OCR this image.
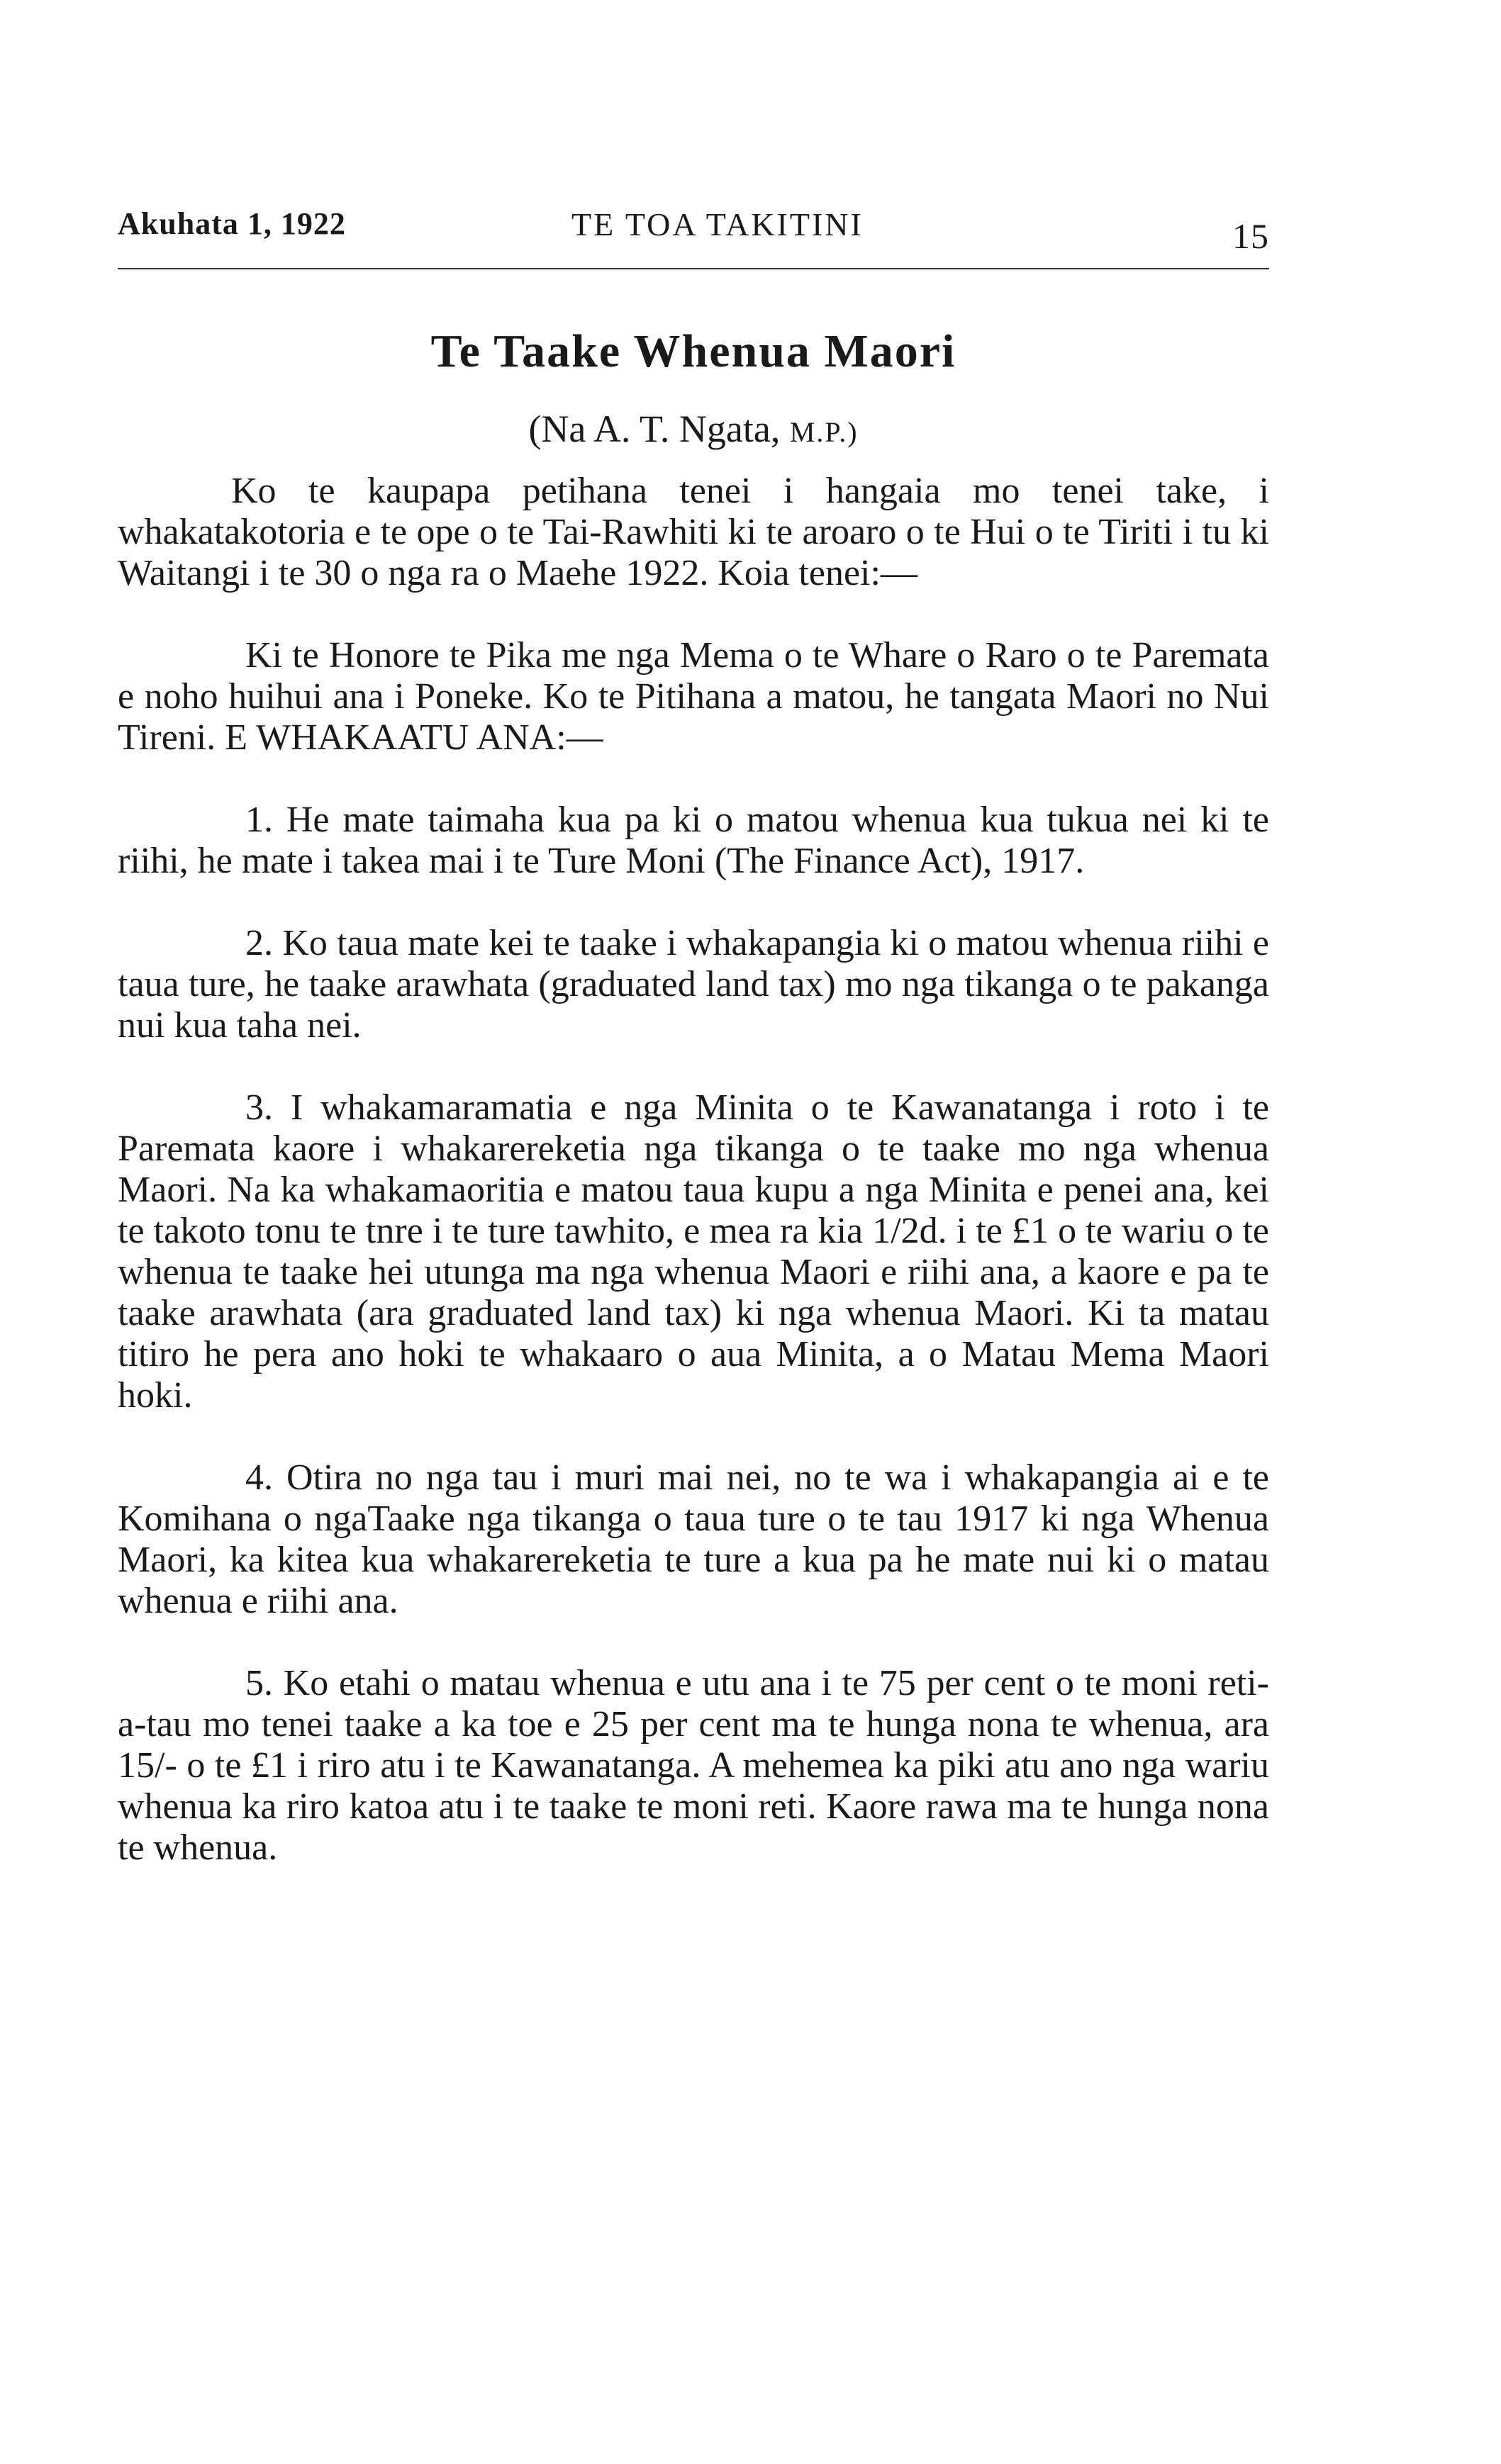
Akuhata 1, 1922	TE TOA TAKITINI	15
Te Taake Whenua Maori
(Na A. T. Ngata, M.P.)

Ko te kaupapa petihana tenei i hangaia mo tenei take, i whakatakotoria e te ope o te Tai-Rawhiti ki te aroaro o te Hui o te Tiriti i tu ki Waitangi i te 30 o nga ra o Maehe 1922. Koia tenei:—

Ki te Honore te Pika me nga Mema o te Whare o Raro o te Paremata e noho huihui ana i Poneke. Ko te Pitihana a matou, he tangata Maori no Nui Tireni. E WHAKAATU ANA:—

1. He mate taimaha kua pa ki o matou whenua kua tukua nei ki te riihi, he mate i takea mai i te Ture Moni (The Finance Act), 1917.

2. Ko taua mate kei te taake i whakapangia ki o matou whenua riihi e taua ture, he taake arawhata (graduated land tax) mo nga tikanga o te pakanga nui kua taha nei.

3. I whakamaramatia e nga Minita o te Kawanatanga i roto i te Paremata kaore i whakarereketia nga tikanga o te taake mo nga whenua Maori. Na ka whakamaoritia e matou taua kupu a nga Minita e penei ana, kei te takoto tonu te tnre i te ture tawhito, e mea ra kia 1/2d. i te £1 o te wariu o te whenua te taake hei utunga ma nga whenua Maori e riihi ana, a kaore e pa te taake arawhata (ara graduated land tax) ki nga whenua Maori. Ki ta matau titiro he pera ano hoki te whakaaro o aua Minita, a o Matau Mema Maori hoki.

4. Otira no nga tau i muri mai nei, no te wa i whakapangia ai e te Komihana o ngaTaake nga tikanga o taua ture o te tau 1917 ki nga Whenua Maori, ka kitea kua whakarereketia te ture a kua pa he mate nui ki o matau whenua e riihi ana.

5. Ko etahi o matau whenua e utu ana i te 75 per cent o te moni reti-a-tau mo tenei taake a ka toe e 25 per cent ma te hunga nona te whenua, ara 15/- o te £1 i riro atu i te Kawanatanga. A mehemea ka piki atu ano nga wariu whenua ka riro katoa atu i te taake te moni reti. Kaore rawa ma te hunga nona te whenua.
